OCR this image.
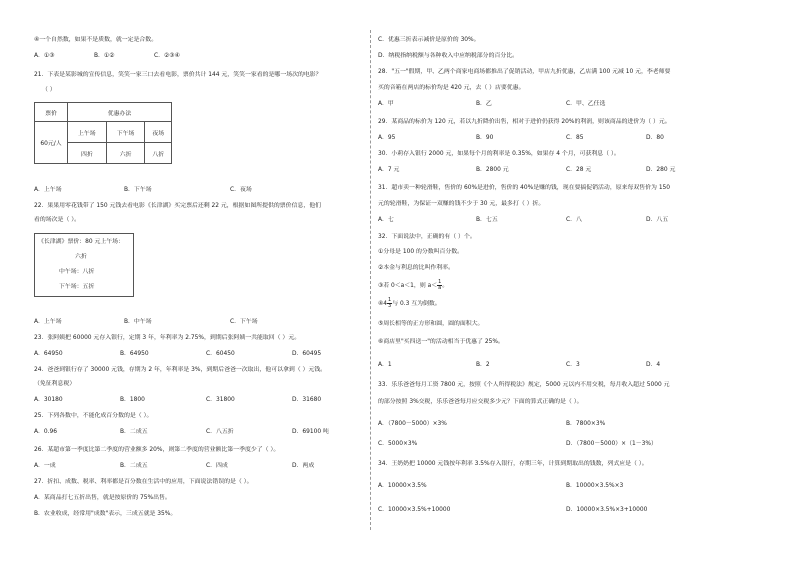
④一个自然数，如果不是质数，就一定是合数。
A．①③	B．①②	C．②③④
21．下表是某影城的宣传信息，笑笑一家三口去看电影，票价共计 144 元，笑笑一家看的是哪一场次的电影？
（ ）
票价	优惠办法		
60元/人	上午场	下午场	夜场
	四折	六折	八折
A．上午场	B．下午场	C．夜场
22．果果用零花钱带了 150 元钱去看电影《长津湖》买完票后还剩 22 元，根据如图所提供的票价信息，他们
看的场次是（ ）。
《长津湖》票价：80 元上午场：
六折
中午场：八折
下午场：五折
A．上午场	B．中午场	C．下午场
23．张阿姨把 60000 元存入银行，定期 3 年，年利率为 2.75%，到期后张阿姨一共能取回（ ）元。
A．64950	B．64950	C．60450	D．60495
24．爸爸到银行存了 30000 元钱，存期为 2 年，年利率是 3%，到期后爸爸一次取出，他可以拿到（ ）元钱。
（免征利息税）
A．30180	B．1800	C．31800	D．31680
25．下列各数中，不能化成百分数的是（ ）。
A．0.96	B．二成五	C．八五折	D．69100 吨
26．某超市第一季度比第二季度的营业额多 20%，则第二季度的营业额比第一季度少了（ ）。
A．一成	B．二成五	C．四成	D．两成
27．折扣、成数、税率、利率都是百分数在生活中的应用，下面说法错误的是（ ）。
A．某商品打七五折出售，就是按原价的 75%出售。
B．农业收成，经常用"成数"表示，三成五就是 35%。
C．优惠三折表示减价是原价的 30%。
D．纳税指纳税额与各种收入中应纳税部分的百分比。
28．"五一"假期，甲、乙两个商家电商场都推出了促销活动，甲店九折优惠，乙店满 100 元减 10 元，李老师要
买的音箱在两店的标价均是 420 元，去（ ）店要优惠。
A．甲	B．乙	C．甲、乙任选
29．某商品的标价为 120 元，若以九折降价出售，相对于进价仍获得 20%的利润，则该商品的进价为（ ）元。
A．95	B．90	C．85	D．80
30．小莉存入银行 2000 元，如果每个月的利率是 0.35%，如果存 4 个月，可获利息（ ）。
A．7 元	B．2800 元	C．28 元	D．280 元
31．超市卖一种轮滑鞋，售价的 60%是进价，售价的 40%是赚的钱，现在要搞促销活动，原来每双售价为 150
元的轮滑鞋，为保证一双赚的钱不少于 30 元，最多打（ ）折。
A．七	B．七五	C．八	D．八五
32．下面说法中，正确的有（ ）个。
①分母是 100 的分数叫百分数。
②本金与利息的比叫作利率。
③若 0＜a＜1，则 $a< \frac{1}{a}$ 。
④4 $\frac{1}{3}$ 与 0.3 互为倒数。
⑤周长相等的正方形和圆，圆的面积大。
⑥商店里"买四送一"的活动相当于优惠了 25%。
A．1	B．2	C．3	D．4
33．乐乐爸爸每月工资 7800 元，按照《个人所得税法》规定，5000 元以内不用交税，每月收入超过 5000 元
的部分按照 3%交税，乐乐爸爸每月应交税多少元？下面的算式正确的是（ ）。
A．（7800－5000）×3%	B．7800×3%
C．5000×3%	D．（7800－5000）×（1－3%）
34．王奶奶把 10000 元钱按年利率 3.5%存入银行，存期三年，计算到期取出的钱数，列式应是（ ）。
A．10000×3.5%	B．10000×3.5%×3
C．10000×3.5%+10000	D．10000×3.5%×3+10000
